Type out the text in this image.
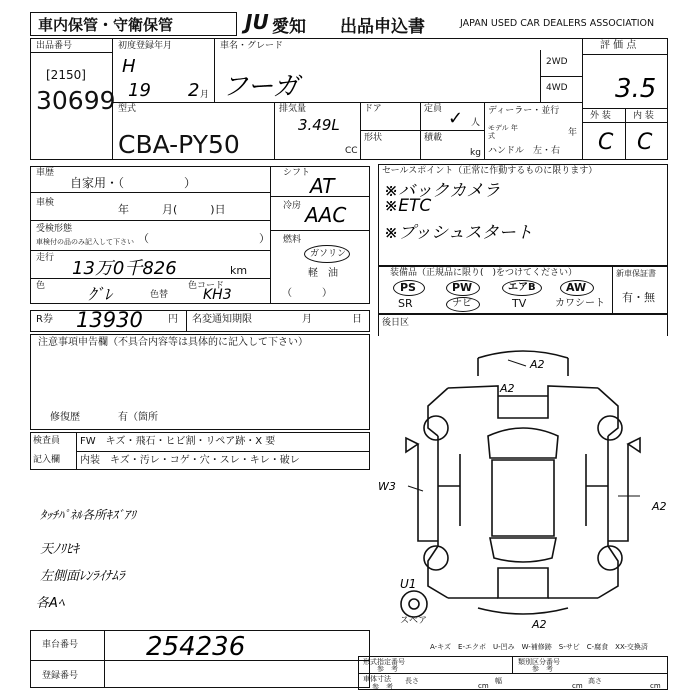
車内保管・守衛保管	JU 愛知 出品申込書	JAPAN USED CAR DEALERS ASSOCIATION
出品番号
[2150]
30699
初度登録年月
H
19 2 月
車名・グレード
フーガ
2WD
4WD
評 価 点
3.5
型式
CBA-PY50
排気量
3.49L
CC
ドア
形状
定員 ✓ 人
積載
kg
ディーラー・並行
モデル 年式	年
ハンドル　左・右
外 装 内 装
C C
車歴
自家用・（　　　　　）
車検	年　　　月(　　　)日
受検形態
車検付の品のみ記入して下さい （　　　　　　　　　　）
走行 13万0千826	km
色	ｸﾞﾚ	色替
色コード
KH3
シフト
AT
冷房 AAC
燃料
ガソリン
軽　油
（　　　）
セールスポイント（正常に作動するものに限ります）
※バックカメラ
※ETC
※プッシュスタート
装備品（正規品に限り(　)をつけてください）
PS	PW	エアB	AW
SR	ナビ	TV	カワシート
新車保証書
有・無
R券 13930	円 名変通知期限	月	日 後日区
注意事項申告欄（不具合内容等は具体的に記入して下さい）
修復歴	有（箇所
検査員
記入欄
FW　キズ・飛石・ヒビ割・リペア跡・X 要
内装　キズ・汚レ・コゲ・穴・スレ・キレ・破レ
ﾀｯﾁﾊﾟﾈﾙ各所ｷｽﾞｱﾘ
天ﾉﾘﾋｷ
左側面ﾚﾝﾗｲﾅﾑﾗ
各Aﾍ
A2
A2
W3
A2
U1
A2
スペア
A-キズ　E-エクボ　U-凹み　W-補修跡　S-サビ　C-腐食　XX-交換済
車台番号	254236
登録番号
形式指定番号
参　考
類別区分番号
参　考
車体寸法
参　考
長さ
cm
幅
cm
高さ
cm
